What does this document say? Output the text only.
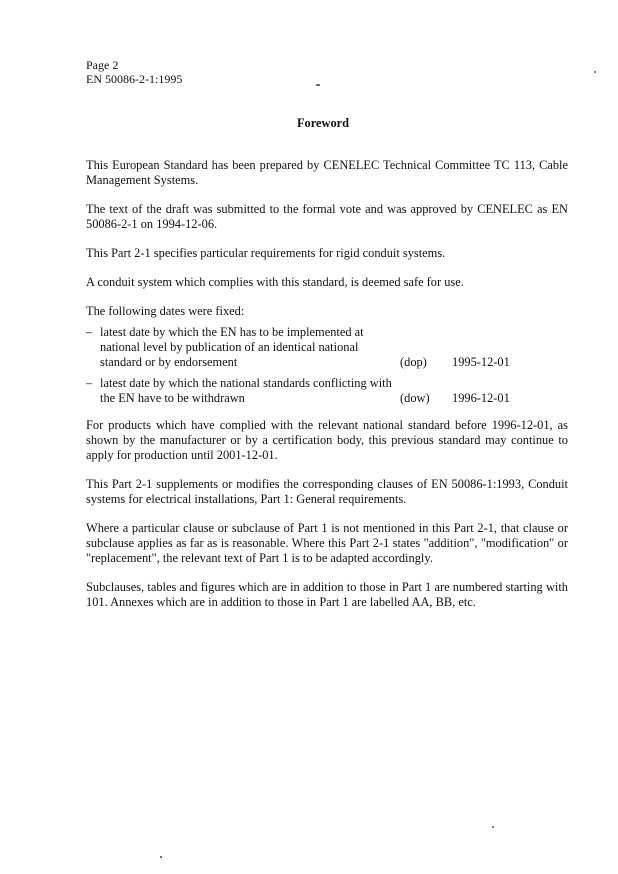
Page 2
EN 50086-2-1:1995
Foreword

This European Standard has been prepared by CENELEC Technical Committee TC 113, Cable Management Systems.

The text of the draft was submitted to the formal vote and was approved by CENELEC as EN 50086-2-1 on 1994-12-06.

This Part 2-1 specifies particular requirements for rigid conduit systems.

A conduit system which complies with this standard, is deemed safe for use.

The following dates were fixed:

– latest date by which the EN has to be implemented at national level by publication of an identical national standard or by endorsement	(dop)	1995-12-01
– latest date by which the national standards conflicting with the EN have to be withdrawn	(dow)	1996-12-01

For products which have complied with the relevant national standard before 1996-12-01, as shown by the manufacturer or by a certification body, this previous standard may continue to apply for production until 2001-12-01.

This Part 2-1 supplements or modifies the corresponding clauses of EN 50086-1:1993, Conduit systems for electrical installations, Part 1: General requirements.

Where a particular clause or subclause of Part 1 is not mentioned in this Part 2-1, that clause or subclause applies as far as is reasonable. Where this Part 2-1 states "addition", "modification" or "replacement", the relevant text of Part 1 is to be adapted accordingly.

Subclauses, tables and figures which are in addition to those in Part 1 are numbered starting with 101. Annexes which are in addition to those in Part 1 are labelled AA, BB, etc.
